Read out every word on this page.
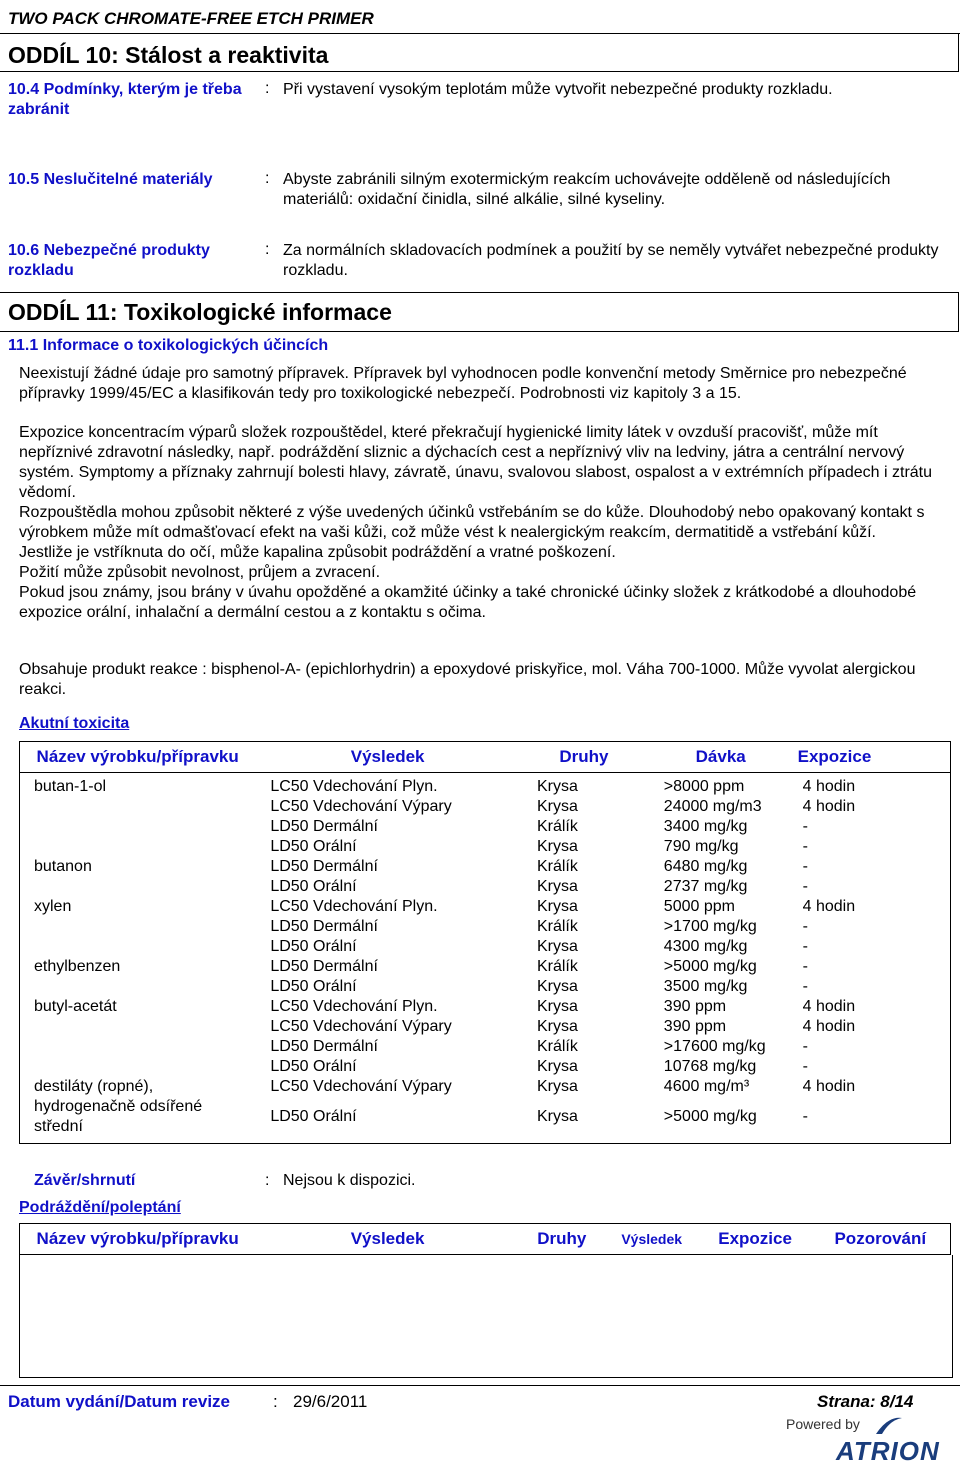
TWO PACK CHROMATE-FREE ETCH PRIMER
ODDÍL 10: Stálost a reaktivita
10.4 Podmínky, kterým je třeba zabránit
: Při vystavení vysokým teplotám může vytvořit nebezpečné produkty rozkladu.
10.5 Neslučitelné materiály	: Abyste zabránili silným exotermickým reakcím uchovávejte odděleně od následujících materiálů: oxidační činidla, silné alkálie, silné kyseliny.
10.6 Nebezpečné produkty rozkladu
: Za normálních skladovacích podmínek a použití by se neměly vytvářet nebezpečné produkty rozkladu.
ODDÍL 11: Toxikologické informace
11.1 Informace o toxikologických účincích
Neexistují žádné údaje pro samotný přípravek. Přípravek byl vyhodnocen podle konvenční metody Směrnice pro nebezpečné přípravky 1999/45/EC a klasifikován tedy pro toxikologické nebezpečí. Podrobnosti viz kapitoly 3 a 15.
Expozice koncentracím výparů složek rozpouštědel, které překračují hygienické limity látek v ovzduší pracovišť, může mít nepříznivé zdravotní následky, např. podráždění sliznic a dýchacích cest a nepříznivý vliv na ledviny, játra a centrální nervový systém. Symptomy a příznaky zahrnují bolesti hlavy, závratě, únavu, svalovou slabost, ospalost a v extrémních případech i ztrátu vědomí.
Rozpouštědla mohou způsobit některé z výše uvedených účinků vstřebáním se do kůže. Dlouhodobý nebo opakovaný kontakt s výrobkem může mít odmašťovací efekt na vaši kůži, což může vést k nealergickým reakcím, dermatitidě a vstřebání kůží.
Jestliže je vstříknuta do očí, může kapalina způsobit podráždění a vratné poškození.
Požití může způsobit nevolnost, průjem a zvracení.
Pokud jsou známy, jsou brány v úvahu opožděné a okamžité účinky a také chronické účinky složek z krátkodobé a dlouhodobé expozice orální, inhalační a dermální cestou a z kontaktu s očima.
Obsahuje produkt reakce : bisphenol-A- (epichlorhydrin) a epoxydové priskyřice, mol. Váha 700-1000. Může vyvolat alergickou reakci.
Akutní toxicita
Název výrobku/přípravku	Výsledek	Druhy	Dávka	Expozice
butan-1-ol	LC50 Vdechování Plyn.	Krysa	>8000 ppm	4 hodin
	LC50 Vdechování Výpary	Krysa	24000 mg/m3	4 hodin
	LD50 Dermální	Králík	3400 mg/kg	-
	LD50 Orální	Krysa	790 mg/kg	-
butanon	LD50 Dermální	Králík	6480 mg/kg	-
	LD50 Orální	Krysa	2737 mg/kg	-
xylen	LC50 Vdechování Plyn.	Krysa	5000 ppm	4 hodin
	LD50 Dermální	Králík	>1700 mg/kg	-
	LD50 Orální	Krysa	4300 mg/kg	-
ethylbenzen	LD50 Dermální	Králík	>5000 mg/kg	-
	LD50 Orální	Krysa	3500 mg/kg	-
butyl-acetát	LC50 Vdechování Plyn.	Krysa	390 ppm	4 hodin
	LC50 Vdechování Výpary	Krysa	390 ppm	4 hodin
	LD50 Dermální	Králík	>17600 mg/kg	-
	LD50 Orální	Krysa	10768 mg/kg	-
destiláty (ropné), hydrogenačně odsířené střední	LC50 Vdechování Výpary	Krysa	4600 mg/m³	4 hodin

	LD50 Orální	Krysa	>5000 mg/kg	-

Závěr/shrnutí	: Nejsou k dispozici.
Podráždění/poleptání
Název výrobku/přípravku	Výsledek	Druhy	Výsledek	Expozice	Pozorování
Datum vydání/Datum revize	: 29/6/2011	Strana: 8/14
Powered by
ATRION
